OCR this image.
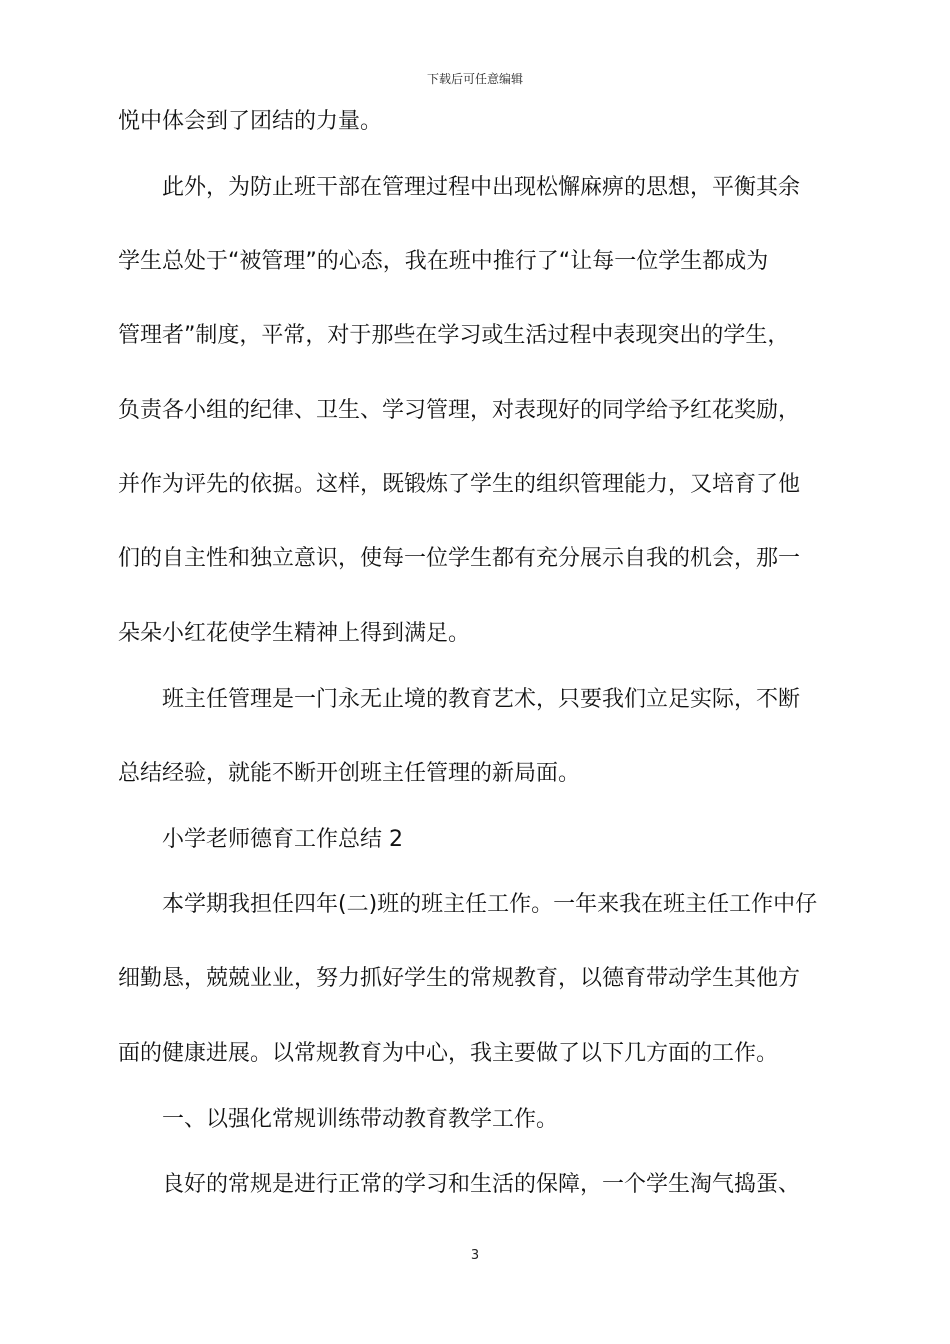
下载后可任意编辑
悦中体会到了团结的力量。
此外，为防止班干部在管理过程中出现松懈麻痹的思想，平衡其余
学生总处于“被管理”的心态，我在班中推行了“让每一位学生都成为
管理者”制度，平常，对于那些在学习或生活过程中表现突出的学生，
负责各小组的纪律、卫生、学习管理，对表现好的同学给予红花奖励，
并作为评先的依据。这样，既锻炼了学生的组织管理能力，又培育了他
们的自主性和独立意识，使每一位学生都有充分展示自我的机会，那一
朵朵小红花使学生精神上得到满足。
班主任管理是一门永无止境的教育艺术，只要我们立足实际，不断
总结经验，就能不断开创班主任管理的新局面。
小学老师德育工作总结 2
本学期我担任四年(二)班的班主任工作。一年来我在班主任工作中仔
细勤恳，兢兢业业，努力抓好学生的常规教育，以德育带动学生其他方
面的健康进展。以常规教育为中心，我主要做了以下几方面的工作。
一、以强化常规训练带动教育教学工作。
良好的常规是进行正常的学习和生活的保障，一个学生淘气捣蛋、
3
